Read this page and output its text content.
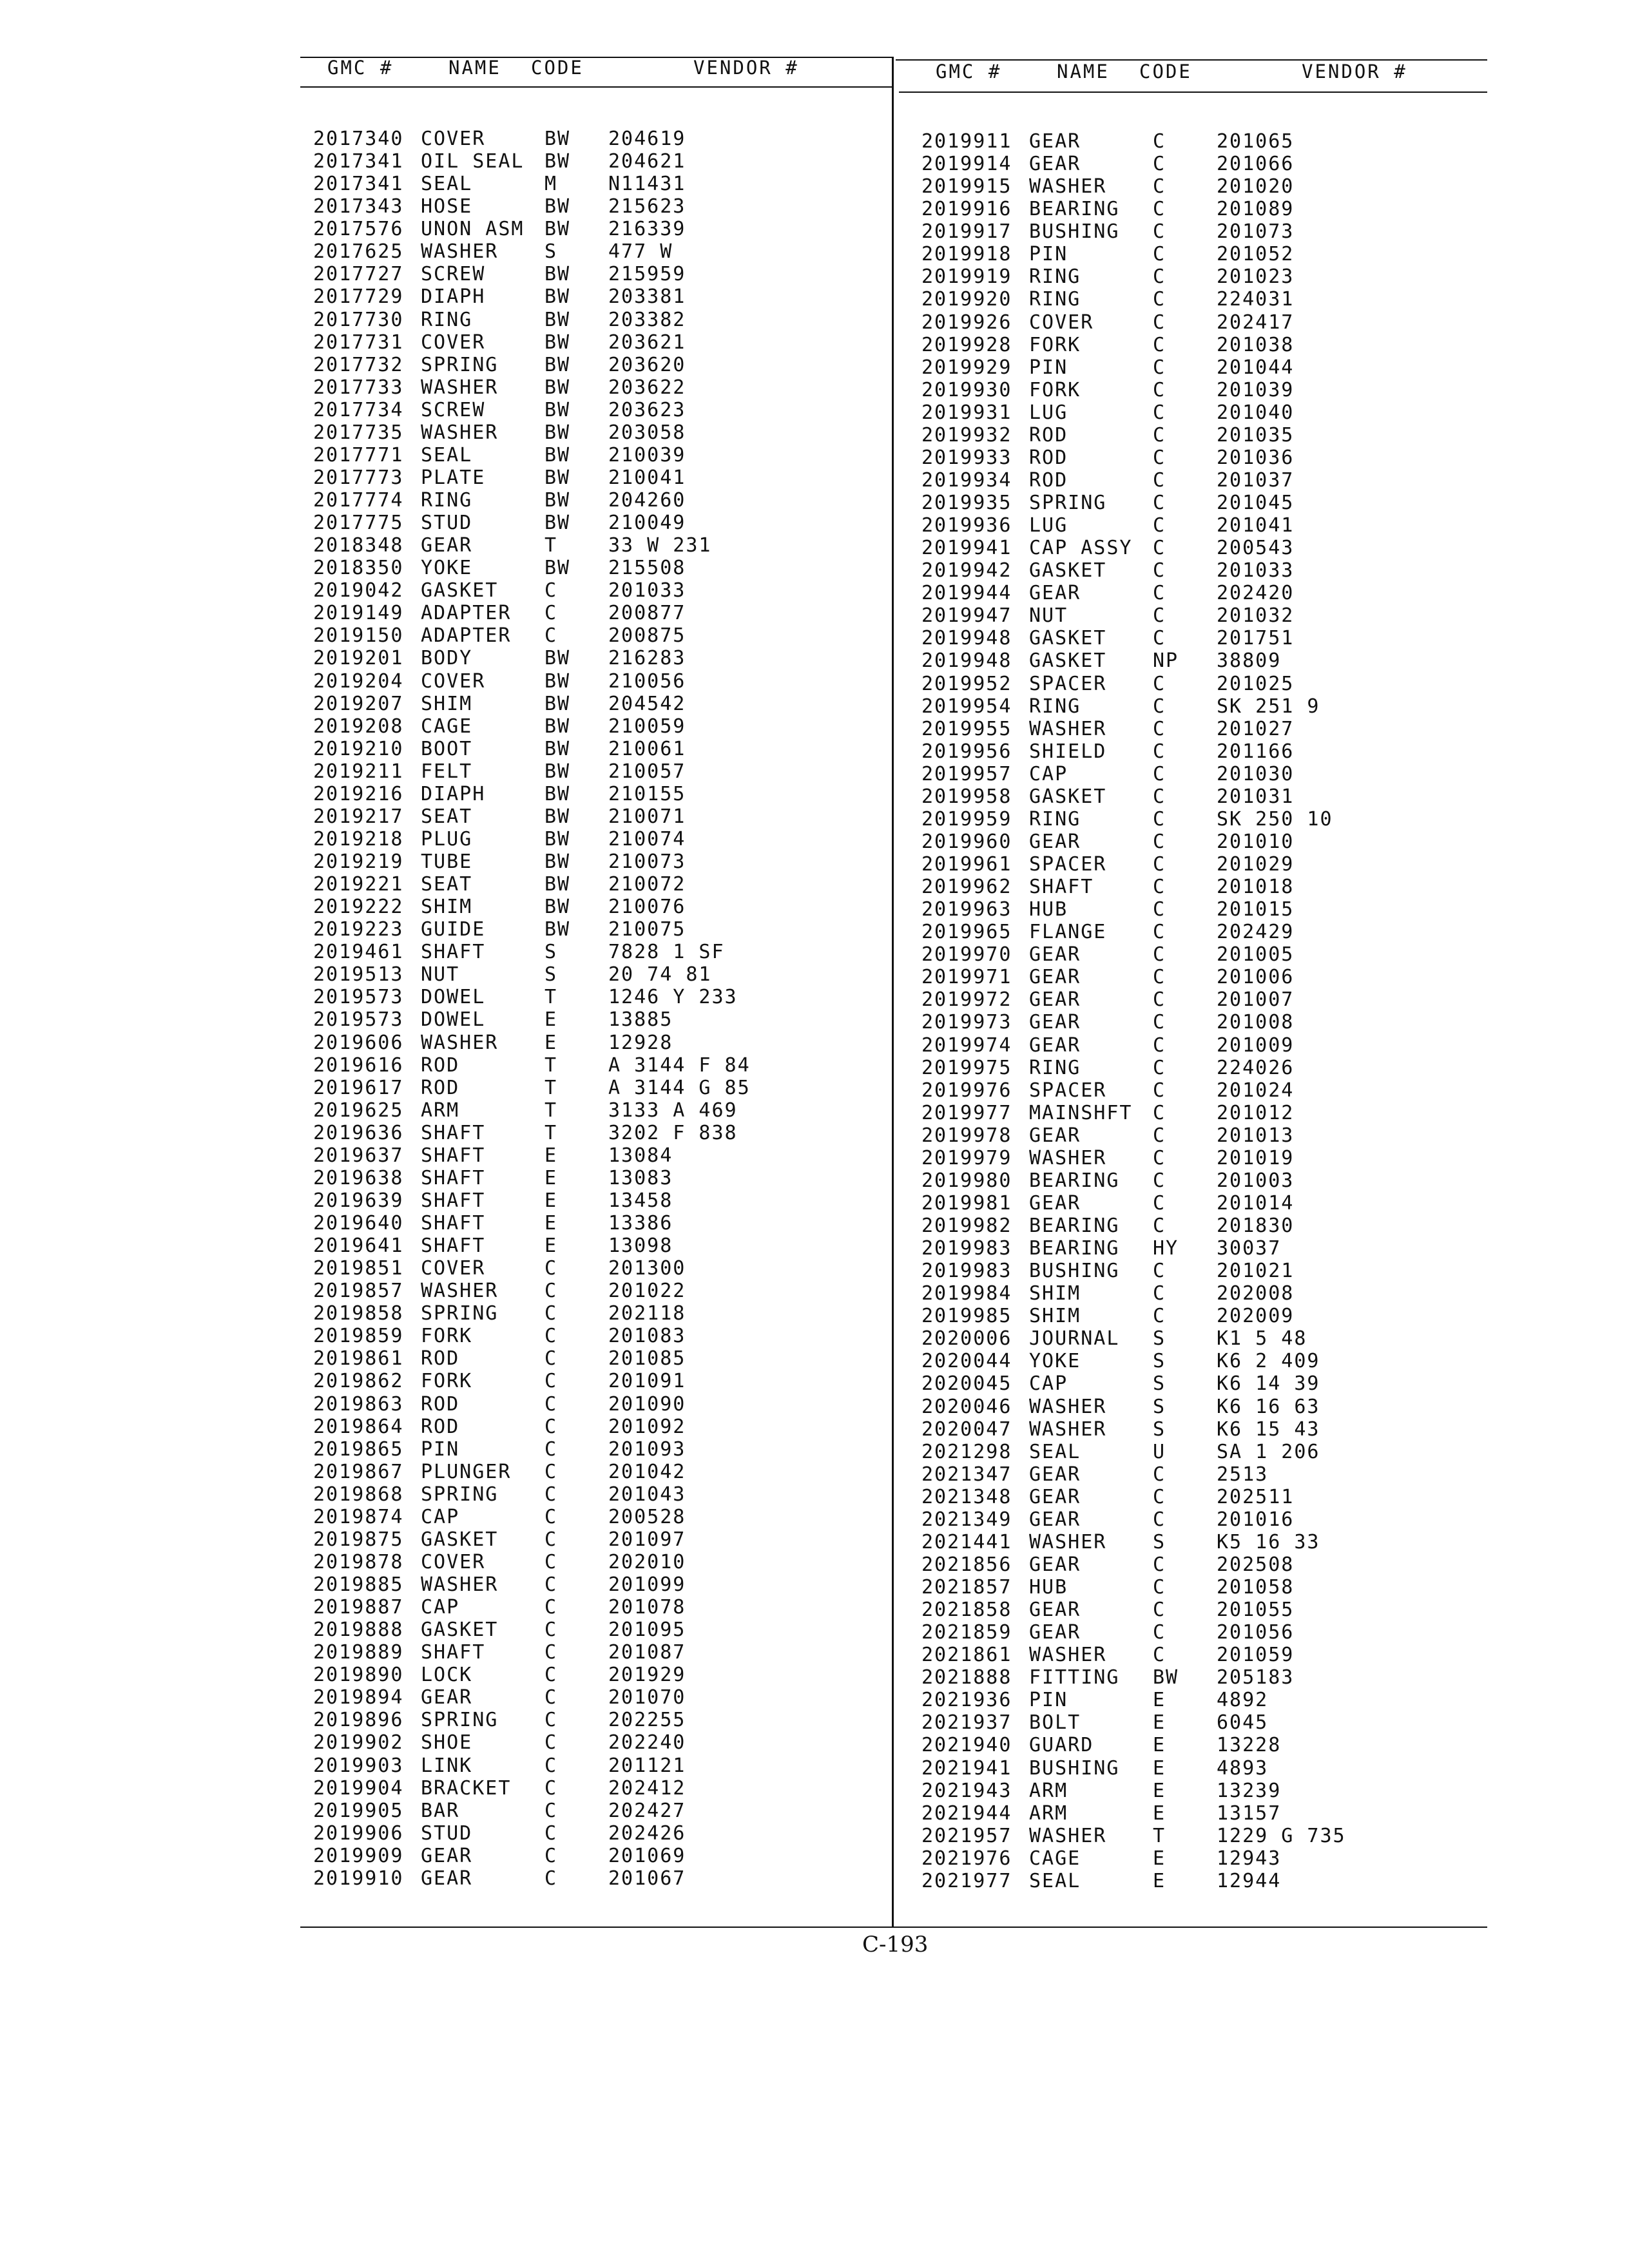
GMC #	NAME CODE	VENDOR #	GMC #	NAME CODE	VENDOR #
2017340 COVER	BW 204619
2017341 OIL SEAL BW 204621
2017341 SEAL	M	N11431
2017343 HOSE	BW 215623
2017576 UNON ASM BW 216339
2017625 WASHER S	477 W
2017727 SCREW	BW 215959
2017729 DIAPH	BW 203381
2017730 RING	BW 203382
2017731 COVER	BW 203621
2017732 SPRING BW 203620
2017733 WASHER BW 203622
2017734 SCREW	BW 203623
2017735 WASHER BW 203058
2017771 SEAL	BW 210039
2017773 PLATE	BW 210041
2017774 RING	BW 204260
2017775 STUD	BW 210049
2018348 GEAR	T	33 W 231
2018350 YOKE	BW 215508
2019042 GASKET C	201033
2019149 ADAPTER C	200877
2019150 ADAPTER C	200875
2019201 BODY	BW 216283
2019204 COVER	BW 210056
2019207 SHIM	BW 204542
2019208 CAGE	BW 210059
2019210 BOOT	BW 210061
2019211 FELT	BW 210057
2019216 DIAPH	BW 210155
2019217 SEAT	BW 210071
2019218 PLUG	BW 210074
2019219 TUBE	BW 210073
2019221 SEAT	BW 210072
2019222 SHIM	BW 210076
2019223 GUIDE	BW 210075
2019461 SHAFT	S	7828 1 SF
2019513 NUT	S	20 74 81
2019573 DOWEL	T	1246 Y 233
2019573 DOWEL	E	13885
2019606 WASHER E	12928
2019616 ROD	T	A 3144 F 84
2019617 ROD	T	A 3144 G 85
2019625 ARM	T	3133 A 469
2019636 SHAFT	T	3202 F 838
2019637 SHAFT	E	13084
2019638 SHAFT	E	13083
2019639 SHAFT	E	13458
2019640 SHAFT	E	13386
2019641 SHAFT	E	13098
2019851 COVER	C	201300
2019857 WASHER C	201022
2019858 SPRING C	202118
2019859 FORK	C	201083
2019861 ROD	C	201085
2019862 FORK	C	201091
2019863 ROD	C	201090
2019864 ROD	C	201092
2019865 PIN	C	201093
2019867 PLUNGER C	201042
2019868 SPRING C	201043
2019874 CAP	C	200528
2019875 GASKET C	201097
2019878 COVER	C	202010
2019885 WASHER C	201099
2019887 CAP	C	201078
2019888 GASKET C	201095
2019889 SHAFT	C	201087
2019890 LOCK	C	201929
2019894 GEAR	C	201070
2019896 SPRING C	202255
2019902 SHOE	C	202240
2019903 LINK	C	201121
2019904 BRACKET C	202412
2019905 BAR	C	202427
2019906 STUD	C	202426
2019909 GEAR	C	201069
2019910 GEAR	C	201067
2019911 GEAR	C	201065
2019914 GEAR	C	201066
2019915 WASHER C	201020
2019916 BEARING C	201089
2019917 BUSHING C	201073
2019918 PIN	C	201052
2019919 RING	C	201023
2019920 RING	C	224031
2019926 COVER	C	202417
2019928 FORK	C	201038
2019929 PIN	C	201044
2019930 FORK	C	201039
2019931 LUG	C	201040
2019932 ROD	C	201035
2019933 ROD	C	201036
2019934 ROD	C	201037
2019935 SPRING C	201045
2019936 LUG	C	201041
2019941 CAP ASSY C	200543
2019942 GASKET C	201033
2019944 GEAR	C	202420
2019947 NUT	C	201032
2019948 GASKET C	201751
2019948 GASKET NP 38809
2019952 SPACER C	201025
2019954 RING	C	SK 251 9
2019955 WASHER C	201027
2019956 SHIELD C	201166
2019957 CAP	C	201030
2019958 GASKET C	201031
2019959 RING	C	SK 250 10
2019960 GEAR	C	201010
2019961 SPACER C	201029
2019962 SHAFT	C	201018
2019963 HUB	C	201015
2019965 FLANGE C	202429
2019970 GEAR	C	201005
2019971 GEAR	C	201006
2019972 GEAR	C	201007
2019973 GEAR	C	201008
2019974 GEAR	C	201009
2019975 RING	C	224026
2019976 SPACER C	201024
2019977 MAINSHFT C	201012
2019978 GEAR	C	201013
2019979 WASHER C	201019
2019980 BEARING C	201003
2019981 GEAR	C	201014
2019982 BEARING C	201830
2019983 BEARING HY 30037
2019983 BUSHING C	201021
2019984 SHIM	C	202008
2019985 SHIM	C	202009
2020006 JOURNAL S	K1 5 48
2020044 YOKE	S	K6 2 409
2020045 CAP	S	K6 14 39
2020046 WASHER S	K6 16 63
2020047 WASHER S	K6 15 43
2021298 SEAL	U	SA 1 206
2021347 GEAR	C	2513
2021348 GEAR	C	202511
2021349 GEAR	C	201016
2021441 WASHER S	K5 16 33
2021856 GEAR	C	202508
2021857 HUB	C	201058
2021858 GEAR	C	201055
2021859 GEAR	C	201056
2021861 WASHER C	201059
2021888 FITTING BW 205183
2021936 PIN	E	4892
2021937 BOLT	E	6045
2021940 GUARD	E	13228
2021941 BUSHING E	4893
2021943 ARM	E	13239
2021944 ARM	E	13157
2021957 WASHER T	1229 G 735
2021976 CAGE	E	12943
2021977 SEAL	E	12944
C-193
